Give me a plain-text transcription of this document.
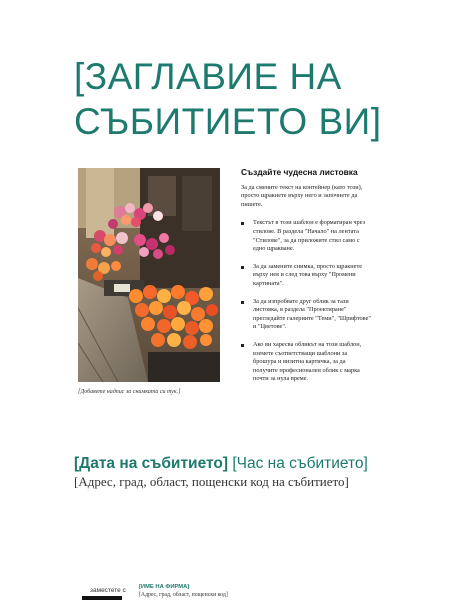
[ЗАГЛАВИЕ НА СЪБИТИЕТО ВИ]

[Добавете надпис за снимката си тук.]

Създайте чудесна листовка

За да смените текст на контейнер (като този), просто щракнете върху него и започнете да пишете.

Текстът в този шаблон е форматиран чрез стилове. В раздела "Начало" на лентата "Стилове", за да приложите стил само с едно щракване.
За да замените снимка, просто щракнете върху нея и след това върху "Промени картината".
За да изпробвате друг облик за тази листовка, в раздела "Проектиране" прегледайте галериите "Теми", "Шрифтове" и "Цветове".
Ако ви харесва обликът на този шаблон, вземете съответстващи шаблони за брошура и визитна картичка, за да получите професионален облик с марка почти за нула време.
[Дата на събитието] [Час на събитието]
[Адрес, град, област, пощенски код на събитието]
заместете с [ИМЕ НА ФИРМА]
[Адрес, град, област, пощенски код]
